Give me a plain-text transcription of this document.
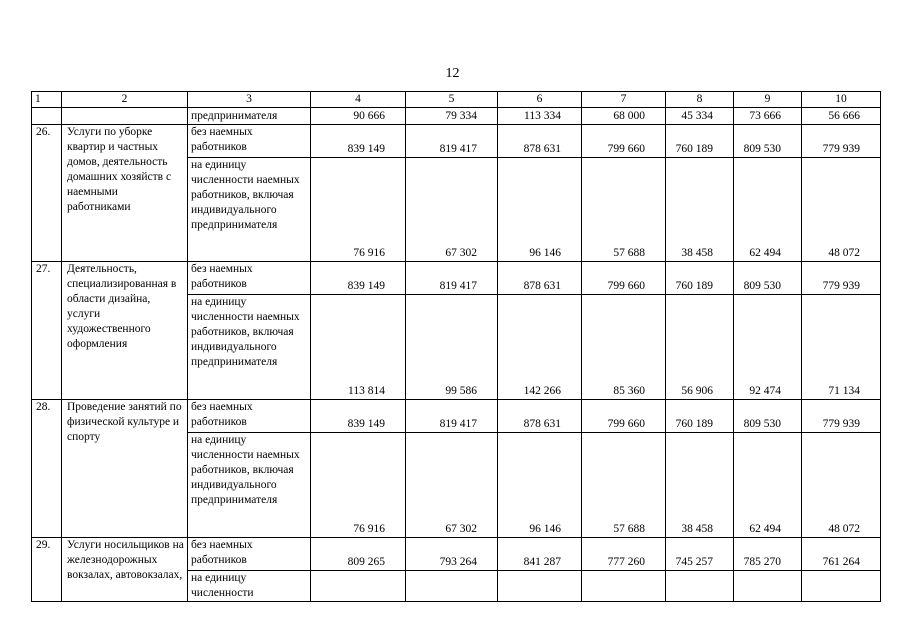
12
1	2	3	4	5	6	7	8	9	10
		предпринимателя	90 666	79 334	113 334	68 000	45 334	73 666	56 666
26.	Услуги по уборке квартир и частных домов, деятельность домашних хозяйств с наемными работниками	без наемных работников	839 149	819 417	878 631	799 660	760 189	809 530	779 939
		на единицу численности наемных работников, включая индивидуального предпринимателя	76 916	67 302	96 146	57 688	38 458	62 494	48 072
27.	Деятельность, специализированная в области дизайна, услуги художественного оформления	без наемных работников	839 149	819 417	878 631	799 660	760 189	809 530	779 939
		на единицу численности наемных работников, включая индивидуального предпринимателя	113 814	99 586	142 266	85 360	56 906	92 474	71 134
28.	Проведение занятий по физической культуре и спорту	без наемных работников	839 149	819 417	878 631	799 660	760 189	809 530	779 939
		на единицу численности наемных работников, включая индивидуального предпринимателя	76 916	67 302	96 146	57 688	38 458	62 494	48 072
29.	Услуги носильщиков на железнодорожных вокзалах, автовокзалах,	без наемных работников	809 265	793 264	841 287	777 260	745 257	785 270	761 264
		на единицу численности							
